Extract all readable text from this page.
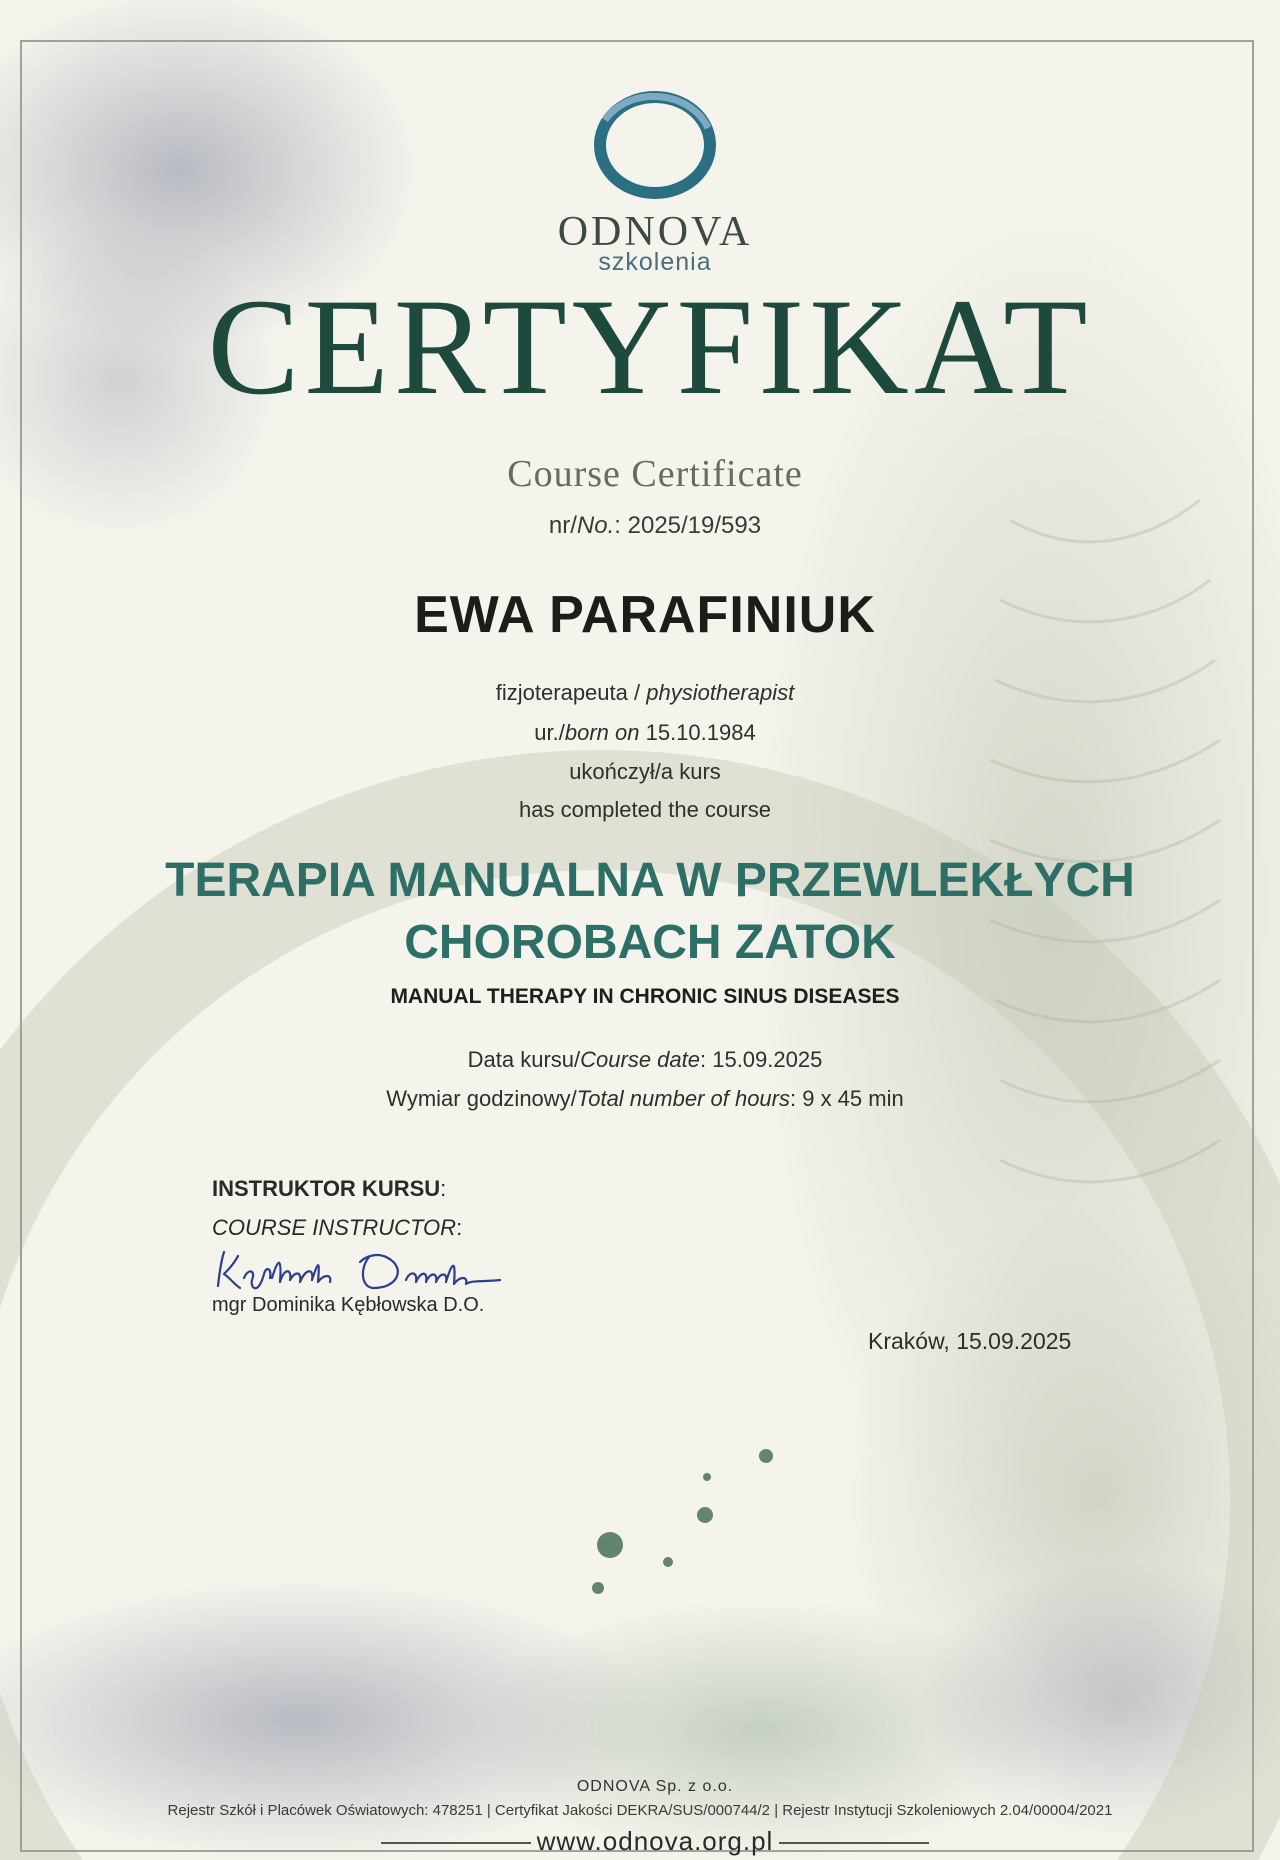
ODNOVA
szkolenia
CERTYFIKAT
Course Certificate
nr/No.: 2025/19/593
EWA PARAFINIUK
fizjoterapeuta / physiotherapist
ur./born on 15.10.1984
ukończył/a kurs
has completed the course
TERAPIA MANUALNA W PRZEWLEKŁYCH
CHOROBACH ZATOK
MANUAL THERAPY IN CHRONIC SINUS DISEASES
Data kursu/Course date: 15.09.2025
Wymiar godzinowy/Total number of hours: 9 x 45 min
INSTRUKTOR KURSU:
COURSE INSTRUCTOR:
mgr Dominika Kębłowska D.O.
Kraków, 15.09.2025
ODNOVA Sp. z o.o.
Rejestr Szkół i Placówek Oświatowych: 478251 | Certyfikat Jakości DEKRA/SUS/000744/2 | Rejestr Instytucji Szkoleniowych 2.04/00004/2021
www.odnova.org.pl
